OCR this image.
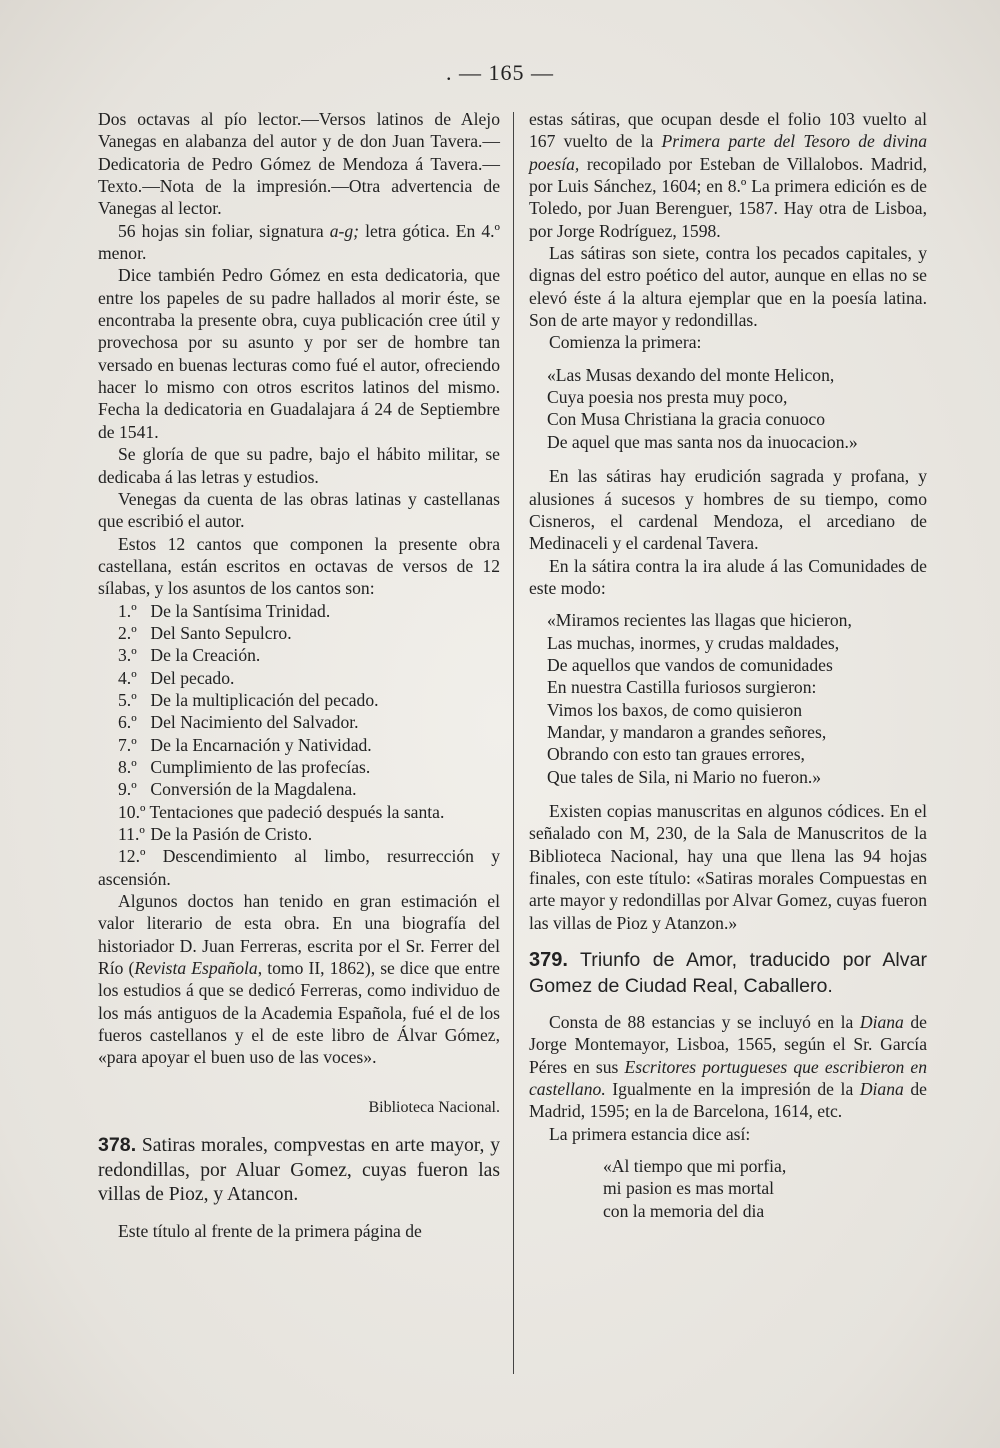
. — 165 —

Dos octavas al pío lector.—Versos latinos de Alejo Vanegas en alabanza del autor y de don Juan Tavera.—Dedicatoria de Pedro Gómez de Mendoza á Tavera.—Texto.—Nota de la impresión.—Otra advertencia de Vanegas al lector.

56 hojas sin foliar, signatura a-g; letra gótica. En 4.º menor.

Dice también Pedro Gómez en esta dedicatoria, que entre los papeles de su padre hallados al morir éste, se encontraba la presente obra, cuya publicación cree útil y provechosa por su asunto y por ser de hombre tan versado en buenas lecturas como fué el autor, ofreciendo hacer lo mismo con otros escritos latinos del mismo. Fecha la dedicatoria en Guadalajara á 24 de Septiembre de 1541.

Se gloría de que su padre, bajo el hábito militar, se dedicaba á las letras y estudios.

Venegas da cuenta de las obras latinas y castellanas que escribió el autor.

Estos 12 cantos que componen la presente obra castellana, están escritos en octavas de versos de 12 sílabas, y los asuntos de los cantos son:

1.º De la Santísima Trinidad.
2.º Del Santo Sepulcro.
3.º De la Creación.
4.º Del pecado.
5.º De la multiplicación del pecado.
6.º Del Nacimiento del Salvador.
7.º De la Encarnación y Natividad.
8.º Cumplimiento de las profecías.
9.º Conversión de la Magdalena.
10.º Tentaciones que padeció después la santa.
11.º De la Pasión de Cristo.
12.º Descendimiento al limbo, resurrección y ascensión.

Algunos doctos han tenido en gran estimación el valor literario de esta obra. En una biografía del historiador D. Juan Ferreras, escrita por el Sr. Ferrer del Río (Revista Española, tomo II, 1862), se dice que entre los estudios á que se dedicó Ferreras, como individuo de los más antiguos de la Academia Española, fué el de los fueros castellanos y el de este libro de Álvar Gómez, «para apoyar el buen uso de las voces».

Biblioteca Nacional.
378. Satiras morales, compvestas en arte mayor, y redondillas, por Aluar Gomez, cuyas fueron las villas de Pioz, y Atancon.

Este título al frente de la primera página de

estas sátiras, que ocupan desde el folio 103 vuelto al 167 vuelto de la Primera parte del Tesoro de divina poesía, recopilado por Esteban de Villalobos. Madrid, por Luis Sánchez, 1604; en 8.º La primera edición es de Toledo, por Juan Berenguer, 1587. Hay otra de Lisboa, por Jorge Rodríguez, 1598.

Las sátiras son siete, contra los pecados capitales, y dignas del estro poético del autor, aunque en ellas no se elevó éste á la altura ejemplar que en la poesía latina. Son de arte mayor y redondillas.

Comienza la primera:

«Las Musas dexando del monte Helicon,
Cuya poesia nos presta muy poco,
Con Musa Christiana la gracia conuoco
De aquel que mas santa nos da inuocacion.»

En las sátiras hay erudición sagrada y profana, y alusiones á sucesos y hombres de su tiempo, como Cisneros, el cardenal Mendoza, el arcediano de Medinaceli y el cardenal Tavera.

En la sátira contra la ira alude á las Comunidades de este modo:

«Miramos recientes las llagas que hicieron,
Las muchas, inormes, y crudas maldades,
De aquellos que vandos de comunidades
En nuestra Castilla furiosos surgieron:
Vimos los baxos, de como quisieron
Mandar, y mandaron a grandes señores,
Obrando con esto tan graues errores,
Que tales de Sila, ni Mario no fueron.»

Existen copias manuscritas en algunos códices. En el señalado con M, 230, de la Sala de Manuscritos de la Biblioteca Nacional, hay una que llena las 94 hojas finales, con este título: «Satiras morales Compuestas en arte mayor y redondillas por Alvar Gomez, cuyas fueron las villas de Pioz y Atanzon.»

379. Triunfo de Amor, traducido por Alvar Gomez de Ciudad Real, Caballero.

Consta de 88 estancias y se incluyó en la Diana de Jorge Montemayor, Lisboa, 1565, según el Sr. García Péres en sus Escritores portugueses que escribieron en castellano. Igualmente en la impresión de la Diana de Madrid, 1595; en la de Barcelona, 1614, etc.

La primera estancia dice así:

«Al tiempo que mi porfia,
mi pasion es mas mortal
con la memoria del dia
